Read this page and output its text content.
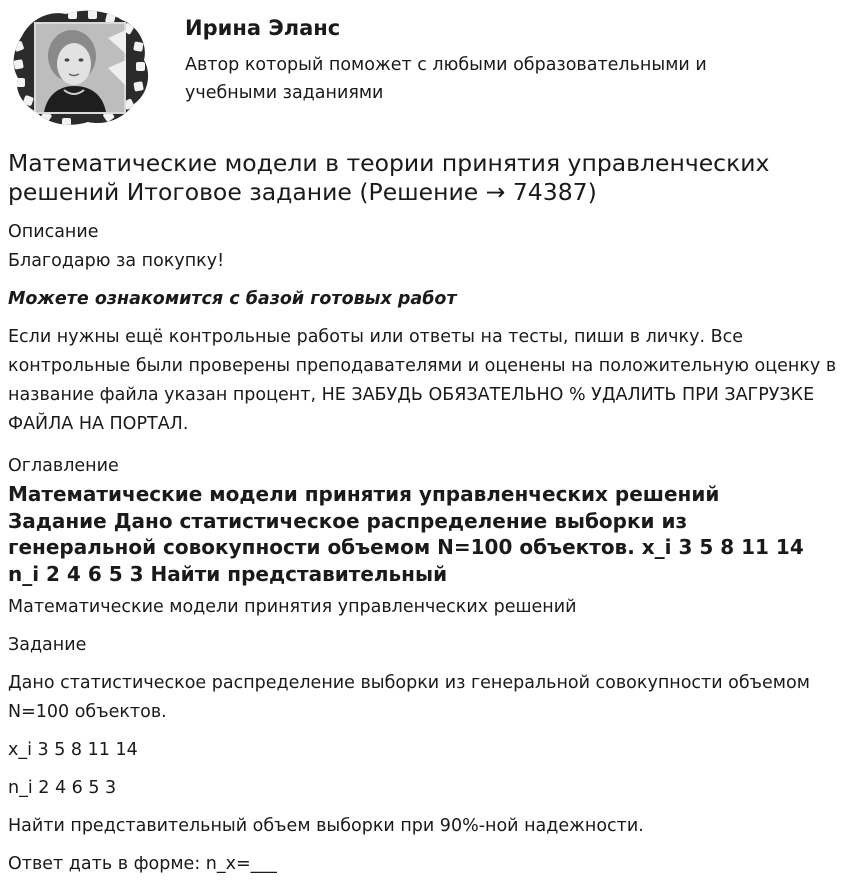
Ирина Эланс
Автор который поможет с любыми образовательными и учебными заданиями
Математические модели в теории принятия управленческих решений Итоговое задание (Решение → 74387)
Описание
Благодарю за покупку!
Можете ознакомится с базой готовых работ
Если нужны ещё контрольные работы или ответы на тесты, пиши в личку. Все контрольные были проверены преподавателями и оценены на положительную оценку в название файла указан процент, НЕ ЗАБУДЬ ОБЯЗАТЕЛЬНО % УДАЛИТЬ ПРИ ЗАГРУЗКЕ ФАЙЛА НА ПОРТАЛ.
Оглавление
Математические модели принятия управленческих решений Задание Дано статистическое распределение выборки из генеральной совокупности объемом N=100 объектов. x_i 3 5 8 11 14 n_i 2 4 6 5 3 Найти представительный
Математические модели принятия управленческих решений
Задание
Дано статистическое распределение выборки из генеральной совокупности объемом N=100 объектов.
x_i 3 5 8 11 14
n_i 2 4 6 5 3
Найти представительный объем выборки при 90%-ной надежности.
Ответ дать в форме: n_x=___
